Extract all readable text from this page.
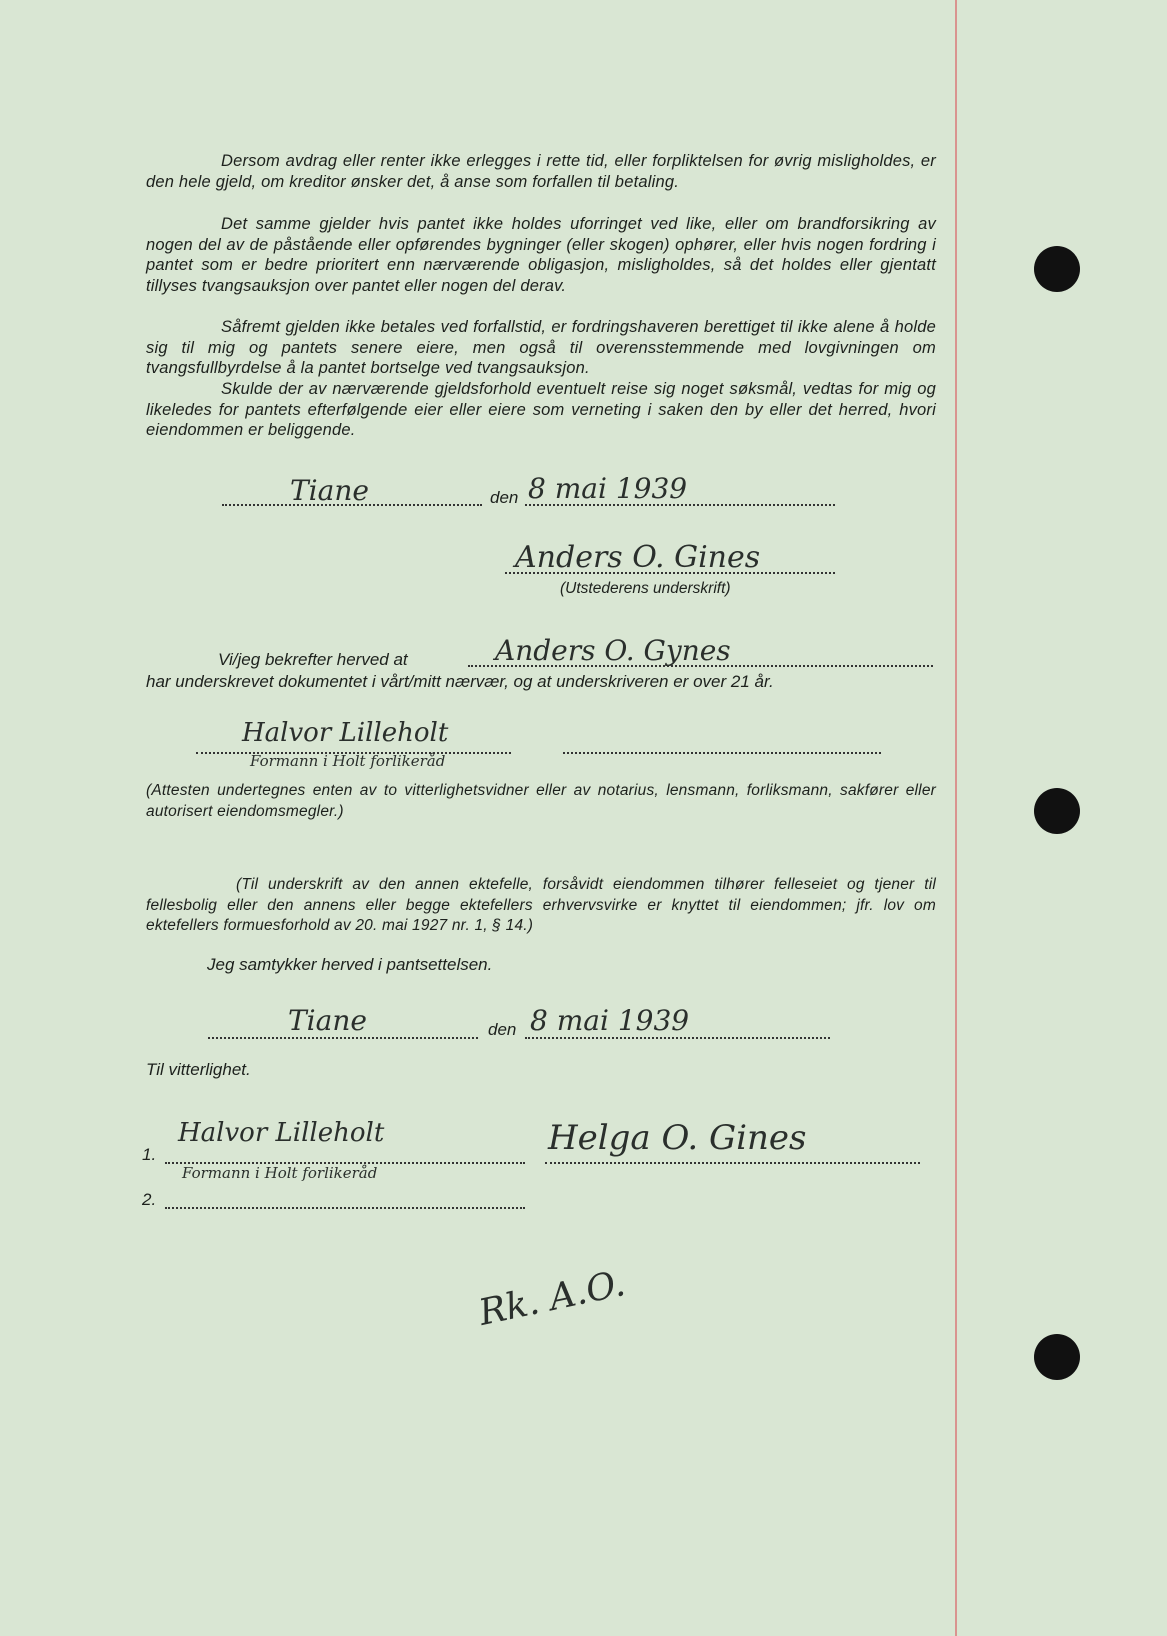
Dersom avdrag eller renter ikke erlegges i rette tid, eller forpliktelsen for øvrig misligholdes, er den hele gjeld, om kreditor ønsker det, å anse som forfallen til betaling.
Det samme gjelder hvis pantet ikke holdes uforringet ved like, eller om brandforsikring av nogen del av de påstående eller opførendes bygninger (eller skogen) ophører, eller hvis nogen fordring i pantet som er bedre prioritert enn nærværende obligasjon, misligholdes, så det holdes eller gjentatt tillyses tvangsauksjon over pantet eller nogen del derav.
Såfremt gjelden ikke betales ved forfallstid, er fordringshaveren berettiget til ikke alene å holde sig til mig og pantets senere eiere, men også til overensstemmende med lovgivningen om tvangsfullbyrdelse å la pantet bortselge ved tvangsauksjon.
Skulde der av nærværende gjeldsforhold eventuelt reise sig noget søksmål, vedtas for mig og likeledes for pantets efterfølgende eier eller eiere som verneting i saken den by eller det herred, hvori eiendommen er beliggende.
Tiane	den 8 mai 1939
Anders O. Gines
(Utstederens underskrift)
Vi/jeg bekrefter herved at	Anders O. Gynes
har underskrevet dokumentet i vårt/mitt nærvær, og at underskriveren er over 21 år.
Halvor Lilleholt
Formann i Holt forlikeråd
(Attesten undertegnes enten av to vitterlighetsvidner eller av notarius, lensmann, forliksmann, sakfører eller autorisert eiendomsmegler.)
(Til underskrift av den annen ektefelle, forsåvidt eiendommen tilhører felleseiet og tjener til fellesbolig eller den annens eller begge ektefellers erhvervsvirke er knyttet til eiendommen; jfr. lov om ektefellers formuesforhold av 20. mai 1927 nr. 1, § 14.)
Jeg samtykker herved i pantsettelsen.
Tiane	den 8 mai 1939
Til vitterlighet.
1.
Halvor Lilleholt
Formann i Holt forlikeråd
Helga O. Gines
2.
Rk. A.O.
